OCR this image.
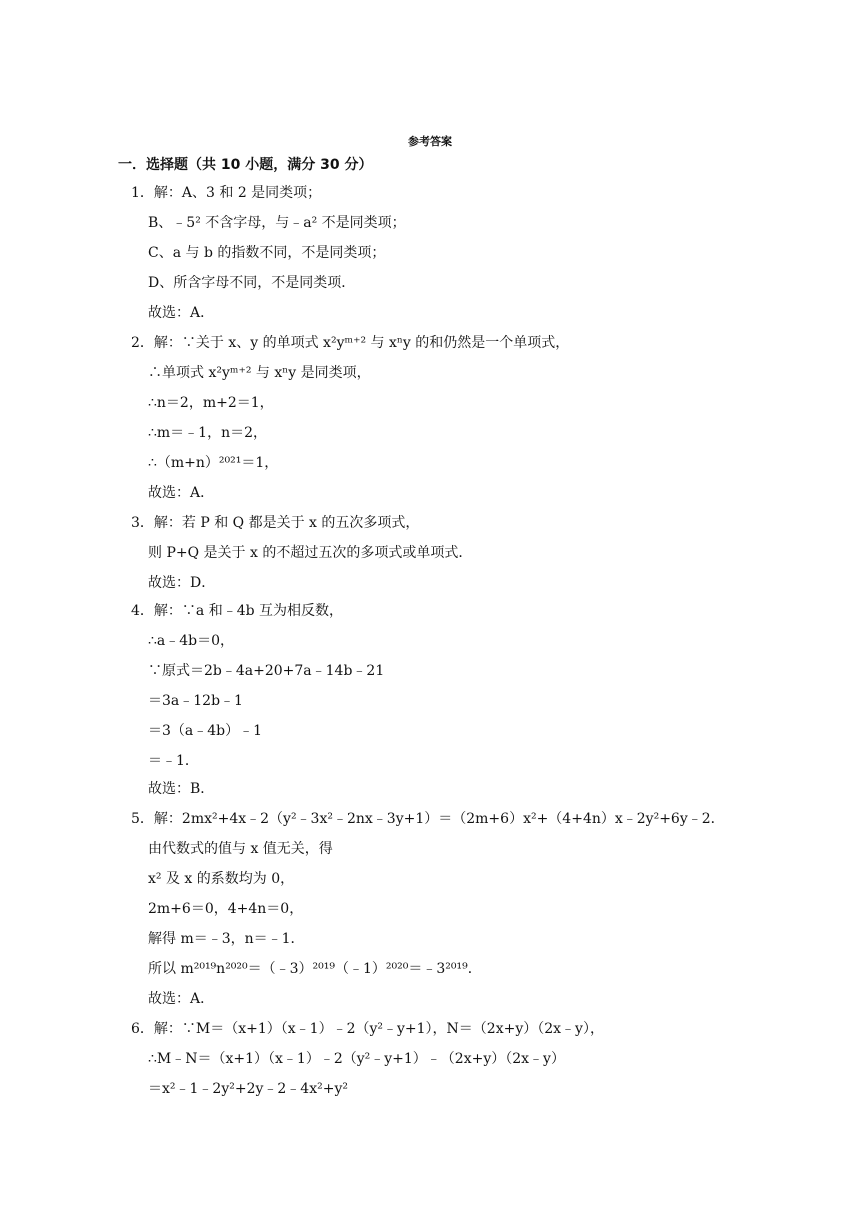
参考答案
一．选择题（共 10 小题，满分 30 分）
1．解：A、3 和 2 是同类项；
B、﹣5² 不含字母，与﹣a² 不是同类项；
C、a 与 b 的指数不同，不是同类项；
D、所含字母不同，不是同类项．
故选：A．
2．解：∵关于 x、y 的单项式 x²yᵐ⁺² 与 xⁿy 的和仍然是一个单项式，
∴单项式 x²yᵐ⁺² 与 xⁿy 是同类项，
∴n＝2，m+2＝1，
∴m＝﹣1，n＝2，
∴（m+n）²⁰²¹＝1，
故选：A．
3．解：若 P 和 Q 都是关于 x 的五次多项式，
则 P+Q 是关于 x 的不超过五次的多项式或单项式．
故选：D．
4．解：∵a 和﹣4b 互为相反数，
∴a﹣4b＝0，
∵原式＝2b﹣4a+20+7a﹣14b﹣21
＝3a﹣12b﹣1
＝3（a﹣4b）﹣1
＝﹣1．
故选：B．
5．解：2mx²+4x﹣2（y²﹣3x²﹣2nx﹣3y+1）＝（2m+6）x²+（4+4n）x﹣2y²+6y﹣2．
由代数式的值与 x 值无关，得
x² 及 x 的系数均为 0，
2m+6＝0，4+4n＝0，
解得 m＝﹣3，n＝﹣1．
所以 m²⁰¹⁹n²⁰²⁰＝（﹣3）²⁰¹⁹（﹣1）²⁰²⁰＝﹣3²⁰¹⁹．
故选：A．
6．解：∵M＝（x+1）（x﹣1）﹣2（y²﹣y+1），N＝（2x+y）（2x﹣y），
∴M﹣N＝（x+1）（x﹣1）﹣2（y²﹣y+1）﹣（2x+y）（2x﹣y）
＝x²﹣1﹣2y²+2y﹣2﹣4x²+y²
